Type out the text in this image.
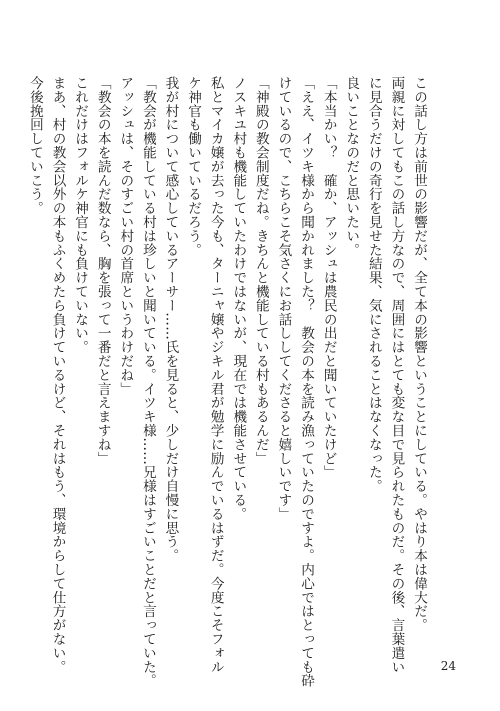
この話し方は前世の影響だが、全て本の影響ということにしている。やはり本は偉大だ。
両親に対してもこの話し方なので、周囲にはとても変な目で見られたものだ。その後、言葉遣い
に見合うだけの奇行を見せた結果、気にされることはなくなった。
良いことなのだと思いたい。
「本当かい？　確か、アッシュは農民の出だと聞いていたけど」
「ええ、イツキ様から聞かれました？　教会の本を読み漁っていたのですよ。内心ではとっても砕
けているので、こちらこそ気さくにお話ししてくださると嬉しいです」
「神殿の教会制度だね。きちんと機能している村もあるんだ」
ノスキユ村も機能していたわけではないが、現在では機能させている。
私とマイカ嬢が去った今も、ターニャ嬢やジキル君が勉学に励んでいるはずだ。今度こそフォル
ケ神官も働いているだろう。
我が村について感心しているアーサー……氏を見ると、少しだけ自慢に思う。
「教会が機能している村は珍しいと聞いている。イツキ様……兄様はすごいことだと言っていた。
アッシュは、そのすごい村の首席というわけだね」
「教会の本を読んだ数なら、胸を張って一番だと言えますね」
これだけはフォルケ神官にも負けていない。
まあ、村の教会以外の本もふくめたら負けているけど、それはもう、環境からして仕方がない。
今後挽回していこう。
24
